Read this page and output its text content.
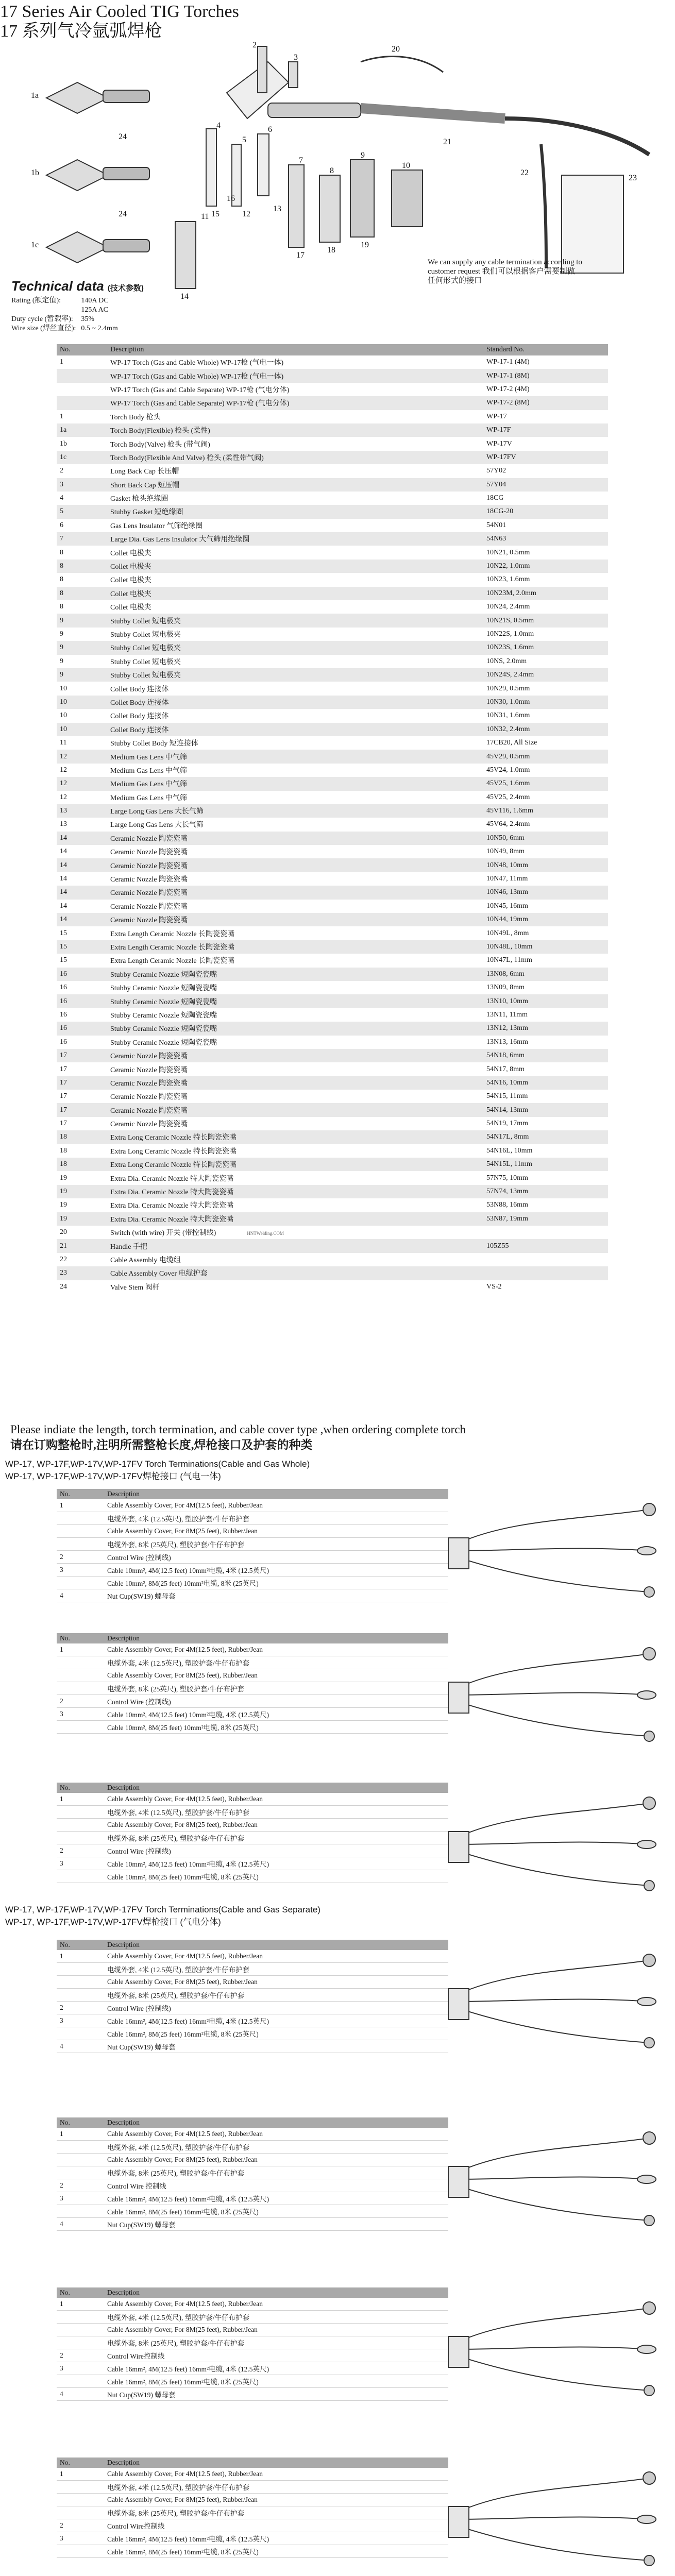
17 Series Air Cooled TIG Torches
17 系列气冷氩弧焊枪
1a
1b
1c
24
24
2
3
4
5
6
7
8
9
10
11	12
13
14
15
16
17
18
19
20
21
22
23
Technical data (技术参数)
Rating (额定值):	140A DC
	125A AC
Duty cycle (暂载率):	35%
Wire size (焊丝直径):	0.5 ~ 2.4mm
We can supply any cable termination according to customer request 我们可以根据客户需要制做任何形式的接口
No.	Description	Standard No.
1	WP-17 Torch (Gas and Cable Whole) WP-17枪 (气电一体)	WP-17-1 (4M)
	WP-17 Torch (Gas and Cable Whole) WP-17枪 (气电一体)	WP-17-1 (8M)
	WP-17 Torch (Gas and Cable Separate) WP-17枪 (气电分体)	WP-17-2 (4M)
	WP-17 Torch (Gas and Cable Separate) WP-17枪 (气电分体)	WP-17-2 (8M)
1	Torch Body 枪头	WP-17
1a	Torch Body(Flexible) 枪头 (柔性)	WP-17F
1b	Torch Body(Valve) 枪头 (带气阀)	WP-17V
1c	Torch Body(Flexible And Valve) 枪头 (柔性带气阀)	WP-17FV
2	Long Back Cap 长压帽	57Y02
3	Short Back Cap 短压帽	57Y04
4	Gasket 枪头绝缘圈	18CG
5	Stubby Gasket 短绝缘圈	18CG-20
6	Gas Lens Insulator 气筛绝缘圈	54N01
7	Large Dia. Gas Lens Insulator 大气筛用绝缘圈	54N63
8	Collet 电极夹	10N21, 0.5mm
8	Collet 电极夹	10N22, 1.0mm
8	Collet 电极夹	10N23, 1.6mm
8	Collet 电极夹	10N23M, 2.0mm
8	Collet 电极夹	10N24, 2.4mm
9	Stubby Collet 短电极夹	10N21S, 0.5mm
9	Stubby Collet 短电极夹	10N22S, 1.0mm
9	Stubby Collet 短电极夹	10N23S, 1.6mm
9	Stubby Collet 短电极夹	10NS, 2.0mm
9	Stubby Collet 短电极夹	10N24S, 2.4mm
10	Collet Body 连接体	10N29, 0.5mm
10	Collet Body 连接体	10N30, 1.0mm
10	Collet Body 连接体	10N31, 1.6mm
10	Collet Body 连接体	10N32, 2.4mm
11	Stubby Collet Body 短连接体	17CB20, All Size
12	Medium Gas Lens 中气筛	45V29, 0.5mm
12	Medium Gas Lens 中气筛	45V24, 1.0mm
12	Medium Gas Lens 中气筛	45V25, 1.6mm
12	Medium Gas Lens 中气筛	45V25, 2.4mm
13	Large Long Gas Lens 大长气筛	45V116, 1.6mm
13	Large Long Gas Lens 大长气筛	45V64, 2.4mm
14	Ceramic Nozzle 陶瓷瓷嘴	10N50, 6mm
14	Ceramic Nozzle 陶瓷瓷嘴	10N49, 8mm
14	Ceramic Nozzle 陶瓷瓷嘴	10N48, 10mm
14	Ceramic Nozzle 陶瓷瓷嘴	10N47, 11mm
14	Ceramic Nozzle 陶瓷瓷嘴	10N46, 13mm
14	Ceramic Nozzle 陶瓷瓷嘴	10N45, 16mm
14	Ceramic Nozzle 陶瓷瓷嘴	10N44, 19mm
15	Extra Length Ceramic Nozzle 长陶瓷瓷嘴	10N49L, 8mm
15	Extra Length Ceramic Nozzle 长陶瓷瓷嘴	10N48L, 10mm
15	Extra Length Ceramic Nozzle 长陶瓷瓷嘴	10N47L, 11mm
16	Stubby Ceramic Nozzle 短陶瓷瓷嘴	13N08, 6mm
16	Stubby Ceramic Nozzle 短陶瓷瓷嘴	13N09, 8mm
16	Stubby Ceramic Nozzle 短陶瓷瓷嘴	13N10, 10mm
16	Stubby Ceramic Nozzle 短陶瓷瓷嘴	13N11, 11mm
16	Stubby Ceramic Nozzle 短陶瓷瓷嘴	13N12, 13mm
16	Stubby Ceramic Nozzle 短陶瓷瓷嘴	13N13, 16mm
17	Ceramic Nozzle 陶瓷瓷嘴	54N18, 6mm
17	Ceramic Nozzle 陶瓷瓷嘴	54N17, 8mm
17	Ceramic Nozzle 陶瓷瓷嘴	54N16, 10mm
17	Ceramic Nozzle 陶瓷瓷嘴	54N15, 11mm
17	Ceramic Nozzle 陶瓷瓷嘴	54N14, 13mm
17	Ceramic Nozzle 陶瓷瓷嘴	54N19, 17mm
18	Extra Long Ceramic Nozzle 特长陶瓷瓷嘴	54N17L, 8mm
18	Extra Long Ceramic Nozzle 特长陶瓷瓷嘴	54N16L, 10mm
18	Extra Long Ceramic Nozzle 特长陶瓷瓷嘴	54N15L, 11mm
19	Extra Dia. Ceramic Nozzle 特大陶瓷瓷嘴	57N75, 10mm
19	Extra Dia. Ceramic Nozzle 特大陶瓷瓷嘴	57N74, 13mm
19	Extra Dia. Ceramic Nozzle 特大陶瓷瓷嘴	53N88, 16mm
19	Extra Dia. Ceramic Nozzle 特大陶瓷瓷嘴	53N87, 19mm
20	Switch (with wire) 开关 (带控制线) HNTWelding.COM	
21	Handle 手把	105Z55
22	Cable Assembly 电缆组	
23	Cable Assembly Cover 电缆护套	
24	Valve Stem 阀杆	VS-2
Please indiate the length, torch termination, and cable cover type ,when ordering complete torch
请在订购整枪时,注明所需整枪长度,焊枪接口及护套的种类
WP-17, WP-17F,WP-17V,WP-17FV Torch Terminations(Cable and Gas Whole)
WP-17, WP-17F,WP-17V,WP-17FV焊枪接口 (气电一体)
WP-17, WP-17F,WP-17V,WP-17FV Torch Terminations(Cable and Gas Separate)
WP-17, WP-17F,WP-17V,WP-17FV焊枪接口 (气电分体)
No.	Description
1	Cable Assembly Cover, For 4M(12.5 feet), Rubber/Jean
	电缆外套, 4米 (12.5英尺), 塑胶护套/牛仔布护套
	Cable Assembly Cover, For 8M(25 feet), Rubber/Jean
	电缆外套, 8米 (25英尺), 塑胶护套/牛仔布护套
2	Control Wire (控制线)
3	Cable 10mm², 4M(12.5 feet) 10mm²电缆, 4米 (12.5英尺)
	Cable 10mm², 8M(25 feet) 10mm²电缆, 8米 (25英尺)
4	Nut Cup(SW19) 螺母套
No.	Description
1	Cable Assembly Cover, For 4M(12.5 feet), Rubber/Jean
	电缆外套, 4米 (12.5英尺), 塑胶护套/牛仔布护套
	Cable Assembly Cover, For 8M(25 feet), Rubber/Jean
	电缆外套, 8米 (25英尺), 塑胶护套/牛仔布护套
2	Control Wire (控制线)
3	Cable 10mm², 4M(12.5 feet) 10mm²电缆, 4米 (12.5英尺)
	Cable 10mm², 8M(25 feet) 10mm²电缆, 8米 (25英尺)
No.	Description
1	Cable Assembly Cover, For 4M(12.5 feet), Rubber/Jean
	电缆外套, 4米 (12.5英尺), 塑胶护套/牛仔布护套
	Cable Assembly Cover, For 8M(25 feet), Rubber/Jean
	电缆外套, 8米 (25英尺), 塑胶护套/牛仔布护套
2	Control Wire (控制线)
3	Cable 10mm², 4M(12.5 feet) 10mm²电缆, 4米 (12.5英尺)
	Cable 10mm², 8M(25 feet) 10mm²电缆, 8米 (25英尺)
No.	Description
1	Cable Assembly Cover, For 4M(12.5 feet), Rubber/Jean
	电缆外套, 4米 (12.5英尺), 塑胶护套/牛仔布护套
	Cable Assembly Cover, For 8M(25 feet), Rubber/Jean
	电缆外套, 8米 (25英尺), 塑胶护套/牛仔布护套
2	Control Wire (控制线)
3	Cable 16mm², 4M(12.5 feet) 16mm²电缆, 4米 (12.5英尺)
	Cable 16mm², 8M(25 feet) 16mm²电缆, 8米 (25英尺)
4	Nut Cup(SW19) 螺母套
No.	Description
1	Cable Assembly Cover, For 4M(12.5 feet), Rubber/Jean
	电缆外套, 4米 (12.5英尺), 塑胶护套/牛仔布护套
	Cable Assembly Cover, For 8M(25 feet), Rubber/Jean
	电缆外套, 8米 (25英尺), 塑胶护套/牛仔布护套
2	Control Wire 控制线
3	Cable 16mm², 4M(12.5 feet) 16mm²电缆, 4米 (12.5英尺)
	Cable 16mm², 8M(25 feet) 16mm²电缆, 8米 (25英尺)
4	Nut Cup(SW19) 螺母套
No.	Description
1	Cable Assembly Cover, For 4M(12.5 feet), Rubber/Jean
	电缆外套, 4米 (12.5英尺), 塑胶护套/牛仔布护套
	Cable Assembly Cover, For 8M(25 feet), Rubber/Jean
	电缆外套, 8米 (25英尺), 塑胶护套/牛仔布护套
2	Control Wire控制线
3	Cable 16mm², 4M(12.5 feet) 16mm²电缆, 4米 (12.5英尺)
	Cable 16mm², 8M(25 feet) 16mm²电缆, 8米 (25英尺)
4	Nut Cup(SW19) 螺母套
No.	Description
1	Cable Assembly Cover, For 4M(12.5 feet), Rubber/Jean
	电缆外套, 4米 (12.5英尺), 塑胶护套/牛仔布护套
	Cable Assembly Cover, For 8M(25 feet), Rubber/Jean
	电缆外套, 8米 (25英尺), 塑胶护套/牛仔布护套
2	Control Wire控制线
3	Cable 16mm², 4M(12.5 feet) 16mm²电缆, 4米 (12.5英尺)
	Cable 16mm², 8M(25 feet) 16mm²电缆, 8米 (25英尺)
